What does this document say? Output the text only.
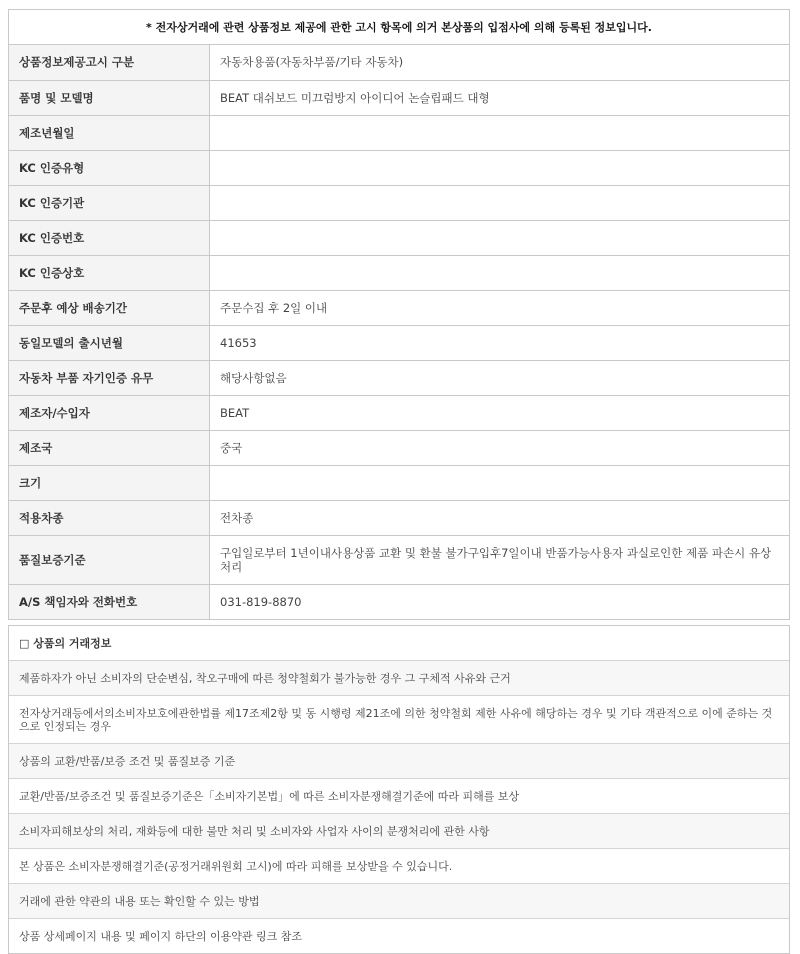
* 전자상거래에 관련 상품정보 제공에 관한 고시 항목에 의거 본상품의 입점사에 의해 등록된 정보입니다.
상품정보제공고시 구분	자동차용품(자동차부품/기타 자동차)
품명 및 모델명	BEAT 대쉬보드 미끄럼방지 아이디어 논슬립패드 대형
제조년월일	
KC 인증유형	
KC 인증기관	
KC 인증번호	
KC 인증상호	
주문후 예상 배송기간	주문수집 후 2일 이내
동일모델의 출시년월	41653
자동차 부품 자기인증 유무	해당사항없음
제조자/수입자	BEAT
제조국	중국
크기	
적용차종	전차종
품질보증기준	구입일로부터 1년이내사용상품 교환 및 환불 불가구입후7일이내 반품가능사용자 과실로인한 제품 파손시 유상처리
A/S 책임자와 전화번호	031-819-8870
□ 상품의 거래정보
제품하자가 아닌 소비자의 단순변심, 착오구매에 따른 청약철회가 불가능한 경우 그 구체적 사유와 근거
전자상거래등에서의소비자보호에관한법률 제17조제2항 및 동 시행령 제21조에 의한 청약철회 제한 사유에 해당하는 경우 및 기타 객관적으로 이에 준하는 것으로 인정되는 경우
상품의 교환/반품/보증 조건 및 품질보증 기준
교환/반품/보증조건 및 품질보증기준은「소비자기본법」에 따른 소비자분쟁해결기준에 따라 피해를 보상
소비자피해보상의 처리, 재화등에 대한 불만 처리 및 소비자와 사업자 사이의 분쟁처리에 관한 사항
본 상품은 소비자분쟁해결기준(공정거래위원회 고시)에 따라 피해를 보상받을 수 있습니다.
거래에 관한 약관의 내용 또는 확인할 수 있는 방법
상품 상세페이지 내용 및 페이지 하단의 이용약관 링크 참조
